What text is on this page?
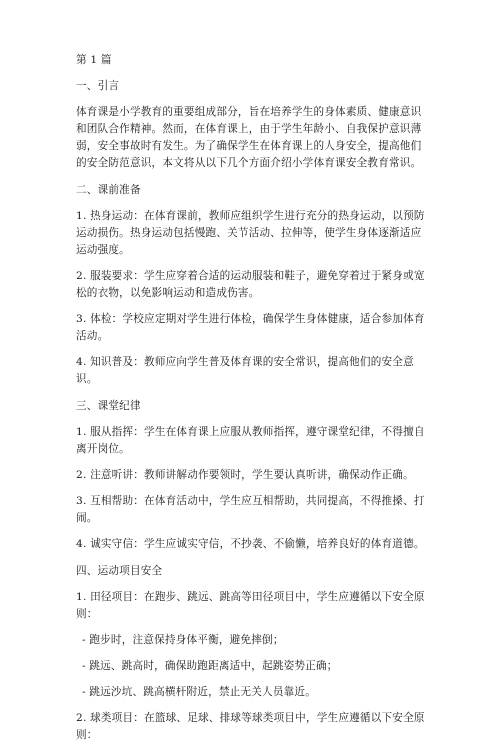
第 1 篇

一、引言

体育课是小学教育的重要组成部分，旨在培养学生的身体素质、健康意识和团队合作精神。然而，在体育课上，由于学生年龄小、自我保护意识薄弱，安全事故时有发生。为了确保学生在体育课上的人身安全，提高他们的安全防范意识，本文将从以下几个方面介绍小学体育课安全教育常识。

二、课前准备

1. 热身运动：在体育课前，教师应组织学生进行充分的热身运动，以预防运动损伤。热身运动包括慢跑、关节活动、拉伸等，使学生身体逐渐适应运动强度。

2. 服装要求：学生应穿着合适的运动服装和鞋子，避免穿着过于紧身或宽松的衣物，以免影响运动和造成伤害。

3. 体检：学校应定期对学生进行体检，确保学生身体健康，适合参加体育活动。

4. 知识普及：教师应向学生普及体育课的安全常识，提高他们的安全意识。

三、课堂纪律

1. 服从指挥：学生在体育课上应服从教师指挥，遵守课堂纪律，不得擅自离开岗位。

2. 注意听讲：教师讲解动作要领时，学生要认真听讲，确保动作正确。

3. 互相帮助：在体育活动中，学生应互相帮助，共同提高，不得推搡、打闹。

4. 诚实守信：学生应诚实守信，不抄袭、不偷懒，培养良好的体育道德。

四、运动项目安全

1. 田径项目：在跑步、跳远、跳高等田径项目中，学生应遵循以下安全原则：

- 跑步时，注意保持身体平衡，避免摔倒；

- 跳远、跳高时，确保助跑距离适中，起跳姿势正确；

- 跳远沙坑、跳高横杆附近，禁止无关人员靠近。

2. 球类项目：在篮球、足球、排球等球类项目中，学生应遵循以下安全原则：
